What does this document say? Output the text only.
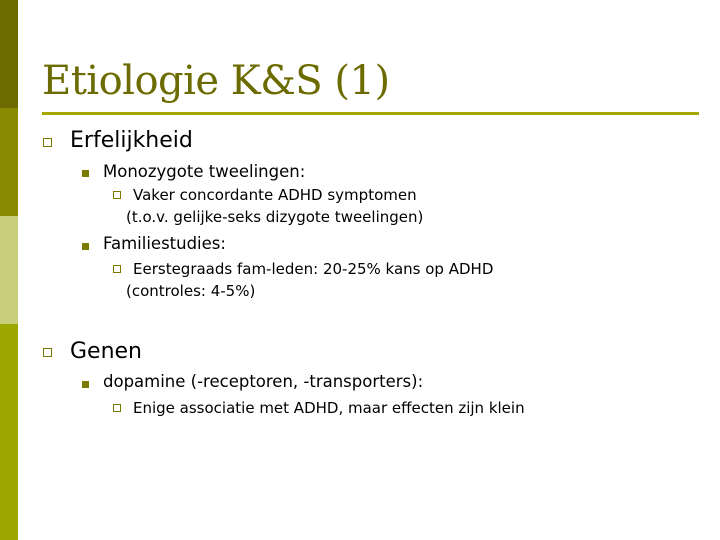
Etiologie K&S (1)
Erfelijkheid
Monozygote tweelingen:
Vaker concordante ADHD symptomen
(t.o.v. gelijke-seks dizygote tweelingen)
Familiestudies:
Eerstegraads fam-leden: 20-25% kans op ADHD
(controles: 4-5%)
Genen
dopamine (-receptoren, -transporters):
Enige associatie met ADHD, maar effecten zijn klein
